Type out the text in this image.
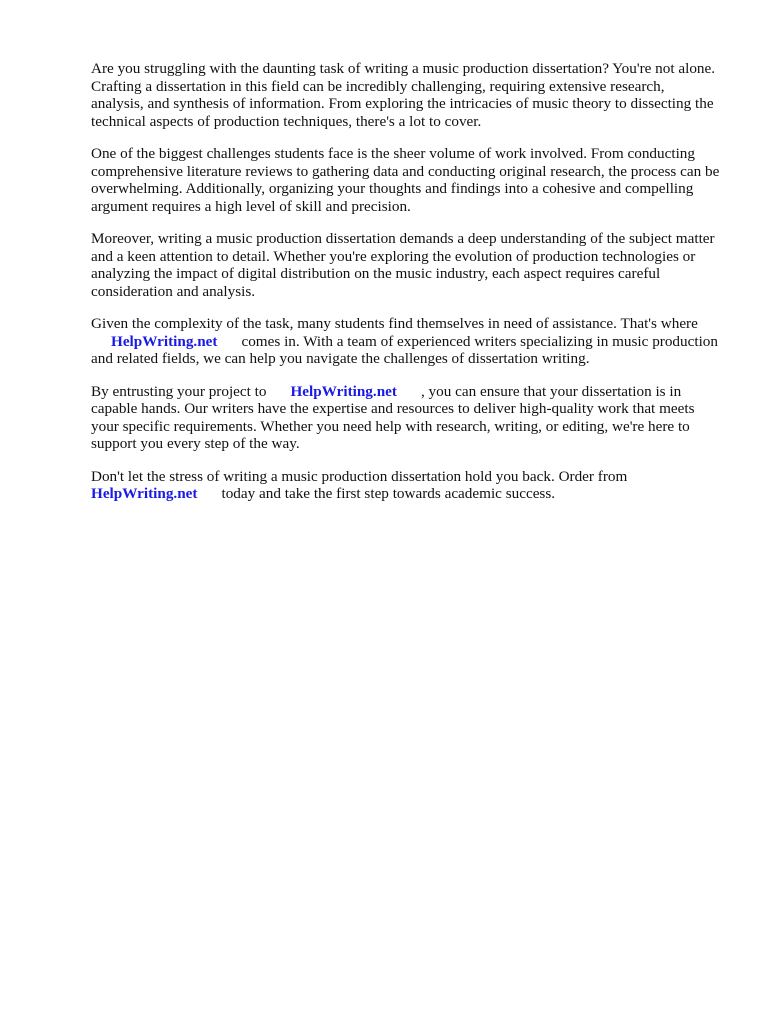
Are you struggling with the daunting task of writing a music production dissertation? You're not alone. Crafting a dissertation in this field can be incredibly challenging, requiring extensive research, analysis, and synthesis of information. From exploring the intricacies of music theory to dissecting the technical aspects of production techniques, there's a lot to cover.

One of the biggest challenges students face is the sheer volume of work involved. From conducting comprehensive literature reviews to gathering data and conducting original research, the process can be overwhelming. Additionally, organizing your thoughts and findings into a cohesive and compelling argument requires a high level of skill and precision.

Moreover, writing a music production dissertation demands a deep understanding of the subject matter and a keen attention to detail. Whether you're exploring the evolution of production technologies or analyzing the impact of digital distribution on the music industry, each aspect requires careful consideration and analysis.

Given the complexity of the task, many students find themselves in need of assistance. That's where
HelpWriting.net comes in. With a team of experienced writers specializing in music production and related fields, we can help you navigate the challenges of dissertation writing.

By entrusting your project to HelpWriting.net , you can ensure that your dissertation is in capable hands. Our writers have the expertise and resources to deliver high-quality work that meets your specific requirements. Whether you need help with research, writing, or editing, we're here to support you every step of the way.

Don't let the stress of writing a music production dissertation hold you back. Order from
HelpWriting.net today and take the first step towards academic success.
